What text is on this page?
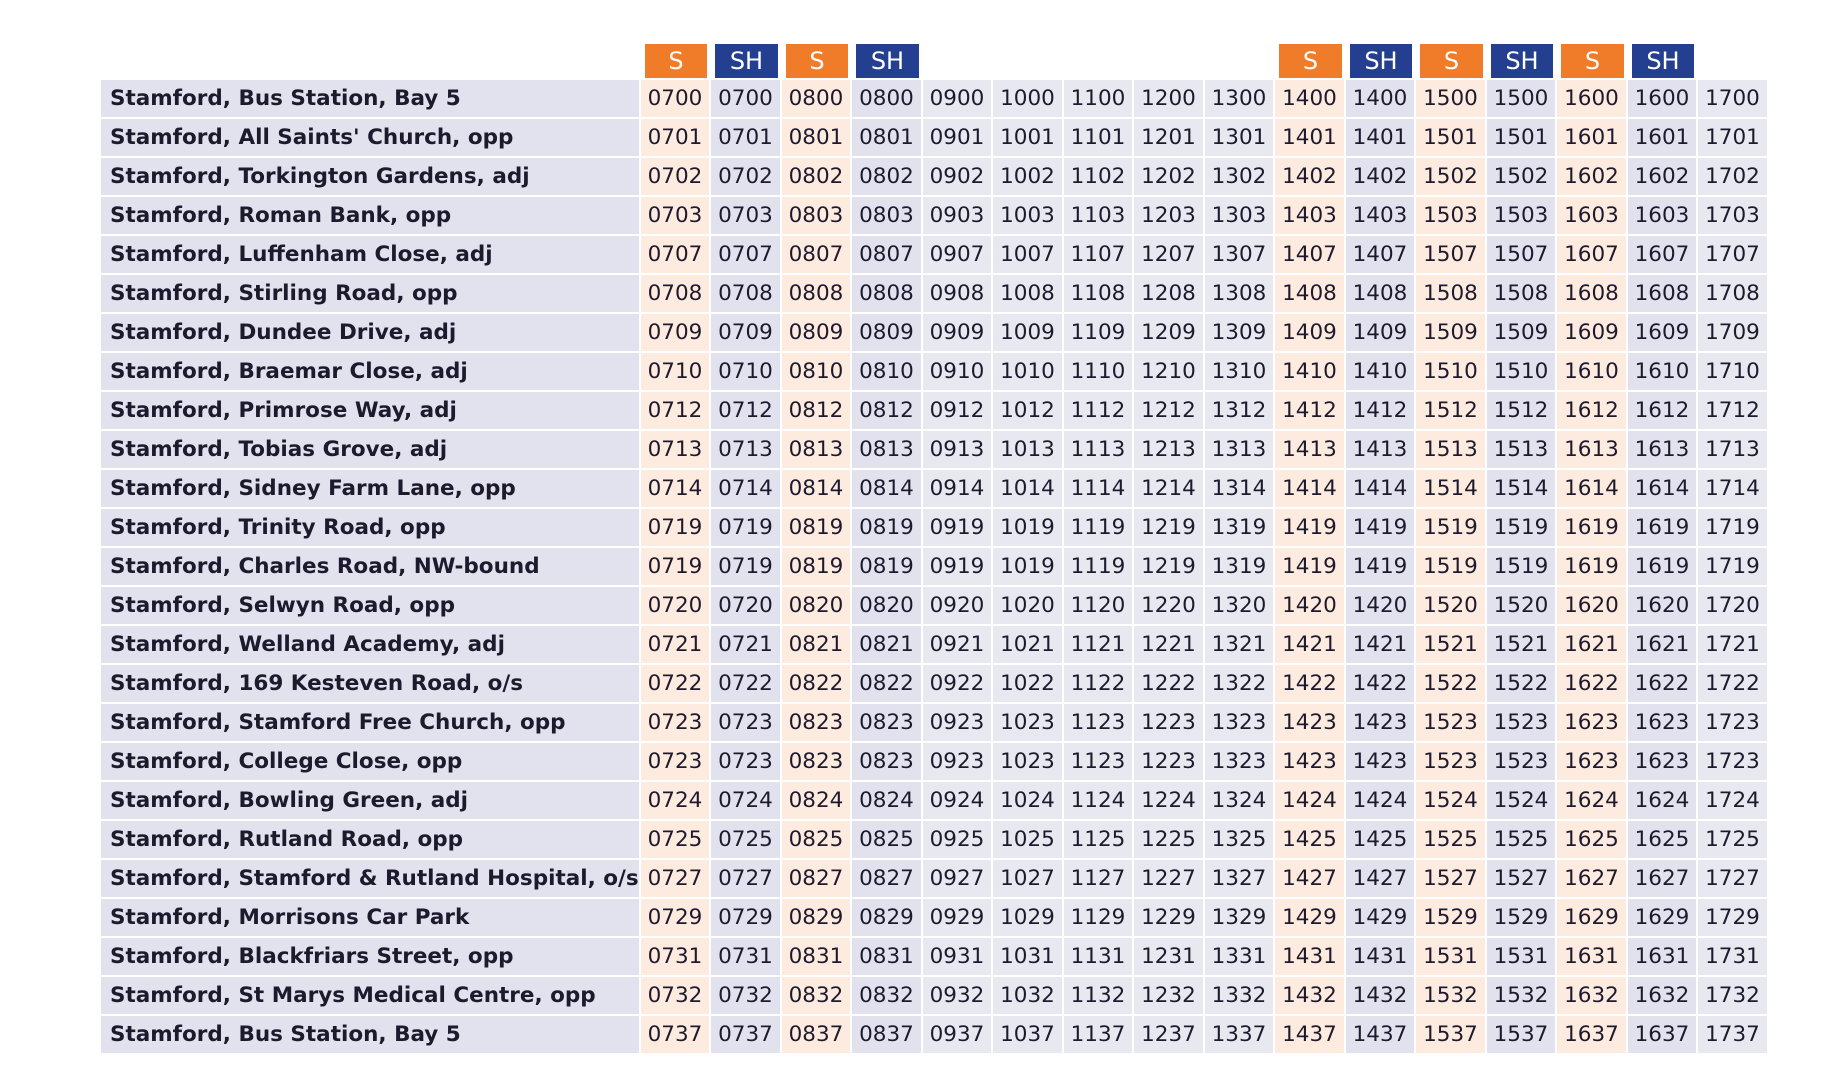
	S	SH	S	SH						S	SH	S	SH	S	SH	

Stamford, Bus Station, Bay 5	0700	0700	0800	0800	0900	1000	1100	1200	1300	1400	1400	1500	1500	1600	1600	1700
Stamford, All Saints' Church, opp	0701	0701	0801	0801	0901	1001	1101	1201	1301	1401	1401	1501	1501	1601	1601	1701
Stamford, Torkington Gardens, adj	0702	0702	0802	0802	0902	1002	1102	1202	1302	1402	1402	1502	1502	1602	1602	1702
Stamford, Roman Bank, opp	0703	0703	0803	0803	0903	1003	1103	1203	1303	1403	1403	1503	1503	1603	1603	1703
Stamford, Luffenham Close, adj	0707	0707	0807	0807	0907	1007	1107	1207	1307	1407	1407	1507	1507	1607	1607	1707
Stamford, Stirling Road, opp	0708	0708	0808	0808	0908	1008	1108	1208	1308	1408	1408	1508	1508	1608	1608	1708
Stamford, Dundee Drive, adj	0709	0709	0809	0809	0909	1009	1109	1209	1309	1409	1409	1509	1509	1609	1609	1709
Stamford, Braemar Close, adj	0710	0710	0810	0810	0910	1010	1110	1210	1310	1410	1410	1510	1510	1610	1610	1710
Stamford, Primrose Way, adj	0712	0712	0812	0812	0912	1012	1112	1212	1312	1412	1412	1512	1512	1612	1612	1712
Stamford, Tobias Grove, adj	0713	0713	0813	0813	0913	1013	1113	1213	1313	1413	1413	1513	1513	1613	1613	1713
Stamford, Sidney Farm Lane, opp	0714	0714	0814	0814	0914	1014	1114	1214	1314	1414	1414	1514	1514	1614	1614	1714
Stamford, Trinity Road, opp	0719	0719	0819	0819	0919	1019	1119	1219	1319	1419	1419	1519	1519	1619	1619	1719
Stamford, Charles Road, NW-bound	0719	0719	0819	0819	0919	1019	1119	1219	1319	1419	1419	1519	1519	1619	1619	1719
Stamford, Selwyn Road, opp	0720	0720	0820	0820	0920	1020	1120	1220	1320	1420	1420	1520	1520	1620	1620	1720
Stamford, Welland Academy, adj	0721	0721	0821	0821	0921	1021	1121	1221	1321	1421	1421	1521	1521	1621	1621	1721
Stamford, 169 Kesteven Road, o/s	0722	0722	0822	0822	0922	1022	1122	1222	1322	1422	1422	1522	1522	1622	1622	1722
Stamford, Stamford Free Church, opp	0723	0723	0823	0823	0923	1023	1123	1223	1323	1423	1423	1523	1523	1623	1623	1723
Stamford, College Close, opp	0723	0723	0823	0823	0923	1023	1123	1223	1323	1423	1423	1523	1523	1623	1623	1723
Stamford, Bowling Green, adj	0724	0724	0824	0824	0924	1024	1124	1224	1324	1424	1424	1524	1524	1624	1624	1724
Stamford, Rutland Road, opp	0725	0725	0825	0825	0925	1025	1125	1225	1325	1425	1425	1525	1525	1625	1625	1725
Stamford, Stamford & Rutland Hospital, o/s	0727	0727	0827	0827	0927	1027	1127	1227	1327	1427	1427	1527	1527	1627	1627	1727
Stamford, Morrisons Car Park	0729	0729	0829	0829	0929	1029	1129	1229	1329	1429	1429	1529	1529	1629	1629	1729
Stamford, Blackfriars Street, opp	0731	0731	0831	0831	0931	1031	1131	1231	1331	1431	1431	1531	1531	1631	1631	1731
Stamford, St Marys Medical Centre, opp	0732	0732	0832	0832	0932	1032	1132	1232	1332	1432	1432	1532	1532	1632	1632	1732
Stamford, Bus Station, Bay 5	0737	0737	0837	0837	0937	1037	1137	1237	1337	1437	1437	1537	1537	1637	1637	1737
